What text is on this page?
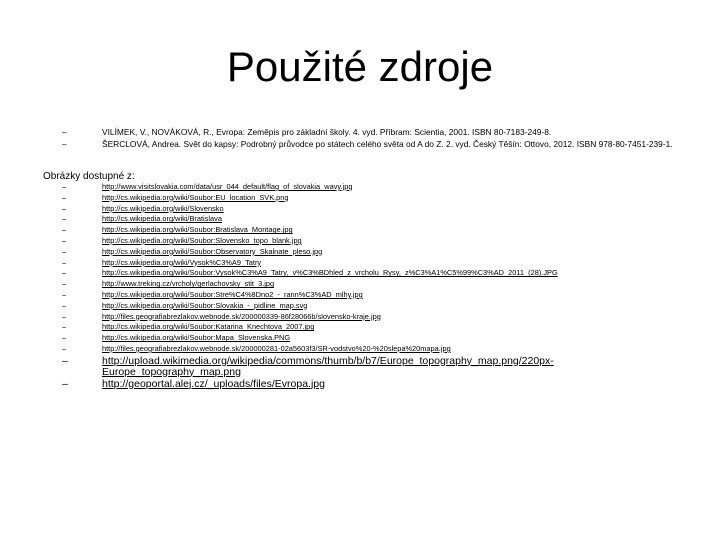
Použité zdroje
–	VILÍMEK, V., NOVÁKOVÁ, R., Evropa: Zeměpis pro základní školy. 4. vyd. Příbram: Scientia, 2001. ISBN 80-7183-249-8.
–	ŠERCLOVÁ, Andrea. Svět do kapsy: Podrobný průvodce po státech celého světa od A do Z. 2. vyd. Český Těšín: Ottovo, 2012. ISBN 978-80-7451-239-1.
Obrázky dostupné z:
–	http://www.visitslovakia.com/data/usr_044_default/flag_of_slovakia_wavy.jpg
–	http://cs.wikipedia.org/wiki/Soubor:EU_location_SVK.png
–	http://cs.wikipedia.org/wiki/Slovensko
–	http://cs.wikipedia.org/wiki/Bratislava
–	http://cs.wikipedia.org/wiki/Soubor:Bratislava_Montage.jpg
–	http://cs.wikipedia.org/wiki/Soubor:Slovensko_topo_blank.jpg
–	http://cs.wikipedia.org/wiki/Soubor:Observatory_Skalnate_pleso.jpg
–	http://cs.wikipedia.org/wiki/Vysok%C3%A9_Tatry
–	http://cs.wikipedia.org/wiki/Soubor:Vysok%C3%A9_Tatry,_v%C3%BDhled_z_vrcholu_Rysy,_z%C3%A1%C5%99%C3%AD_2011_(28).JPG
–	http://www.treking.cz/vrcholy/gerlachovsky_stit_3.jpg
–	http://cs.wikipedia.org/wiki/Soubor:Stre%C4%8Dno2_-_rann%C3%AD_mlhy.jpg
–	http://cs.wikipedia.org/wiki/Soubor:Slovakia_-_pidline_map.svg
–	http://files.geografiabrezlakov.webnode.sk/200000339-86f28066b/slovensko-kraje.jpg
–	http://cs.wikipedia.org/wiki/Soubor:Katarina_Knechtova_2007.jpg
–	http://cs.wikipedia.org/wiki/Soubor:Mapa_Slovenska.PNG
–	http://files.geografiabrezlakov.webnode.sk/200000281-02a5603f3/SR-vodstvo%20-%20slepa%20mapa.jpg
–	http://upload.wikimedia.org/wikipedia/commons/thumb/b/b7/Europe_topography_map.png/220px-Europe_topography_map.png
–	http://geoportal.alej.cz/_uploads/files/Evropa.jpg
